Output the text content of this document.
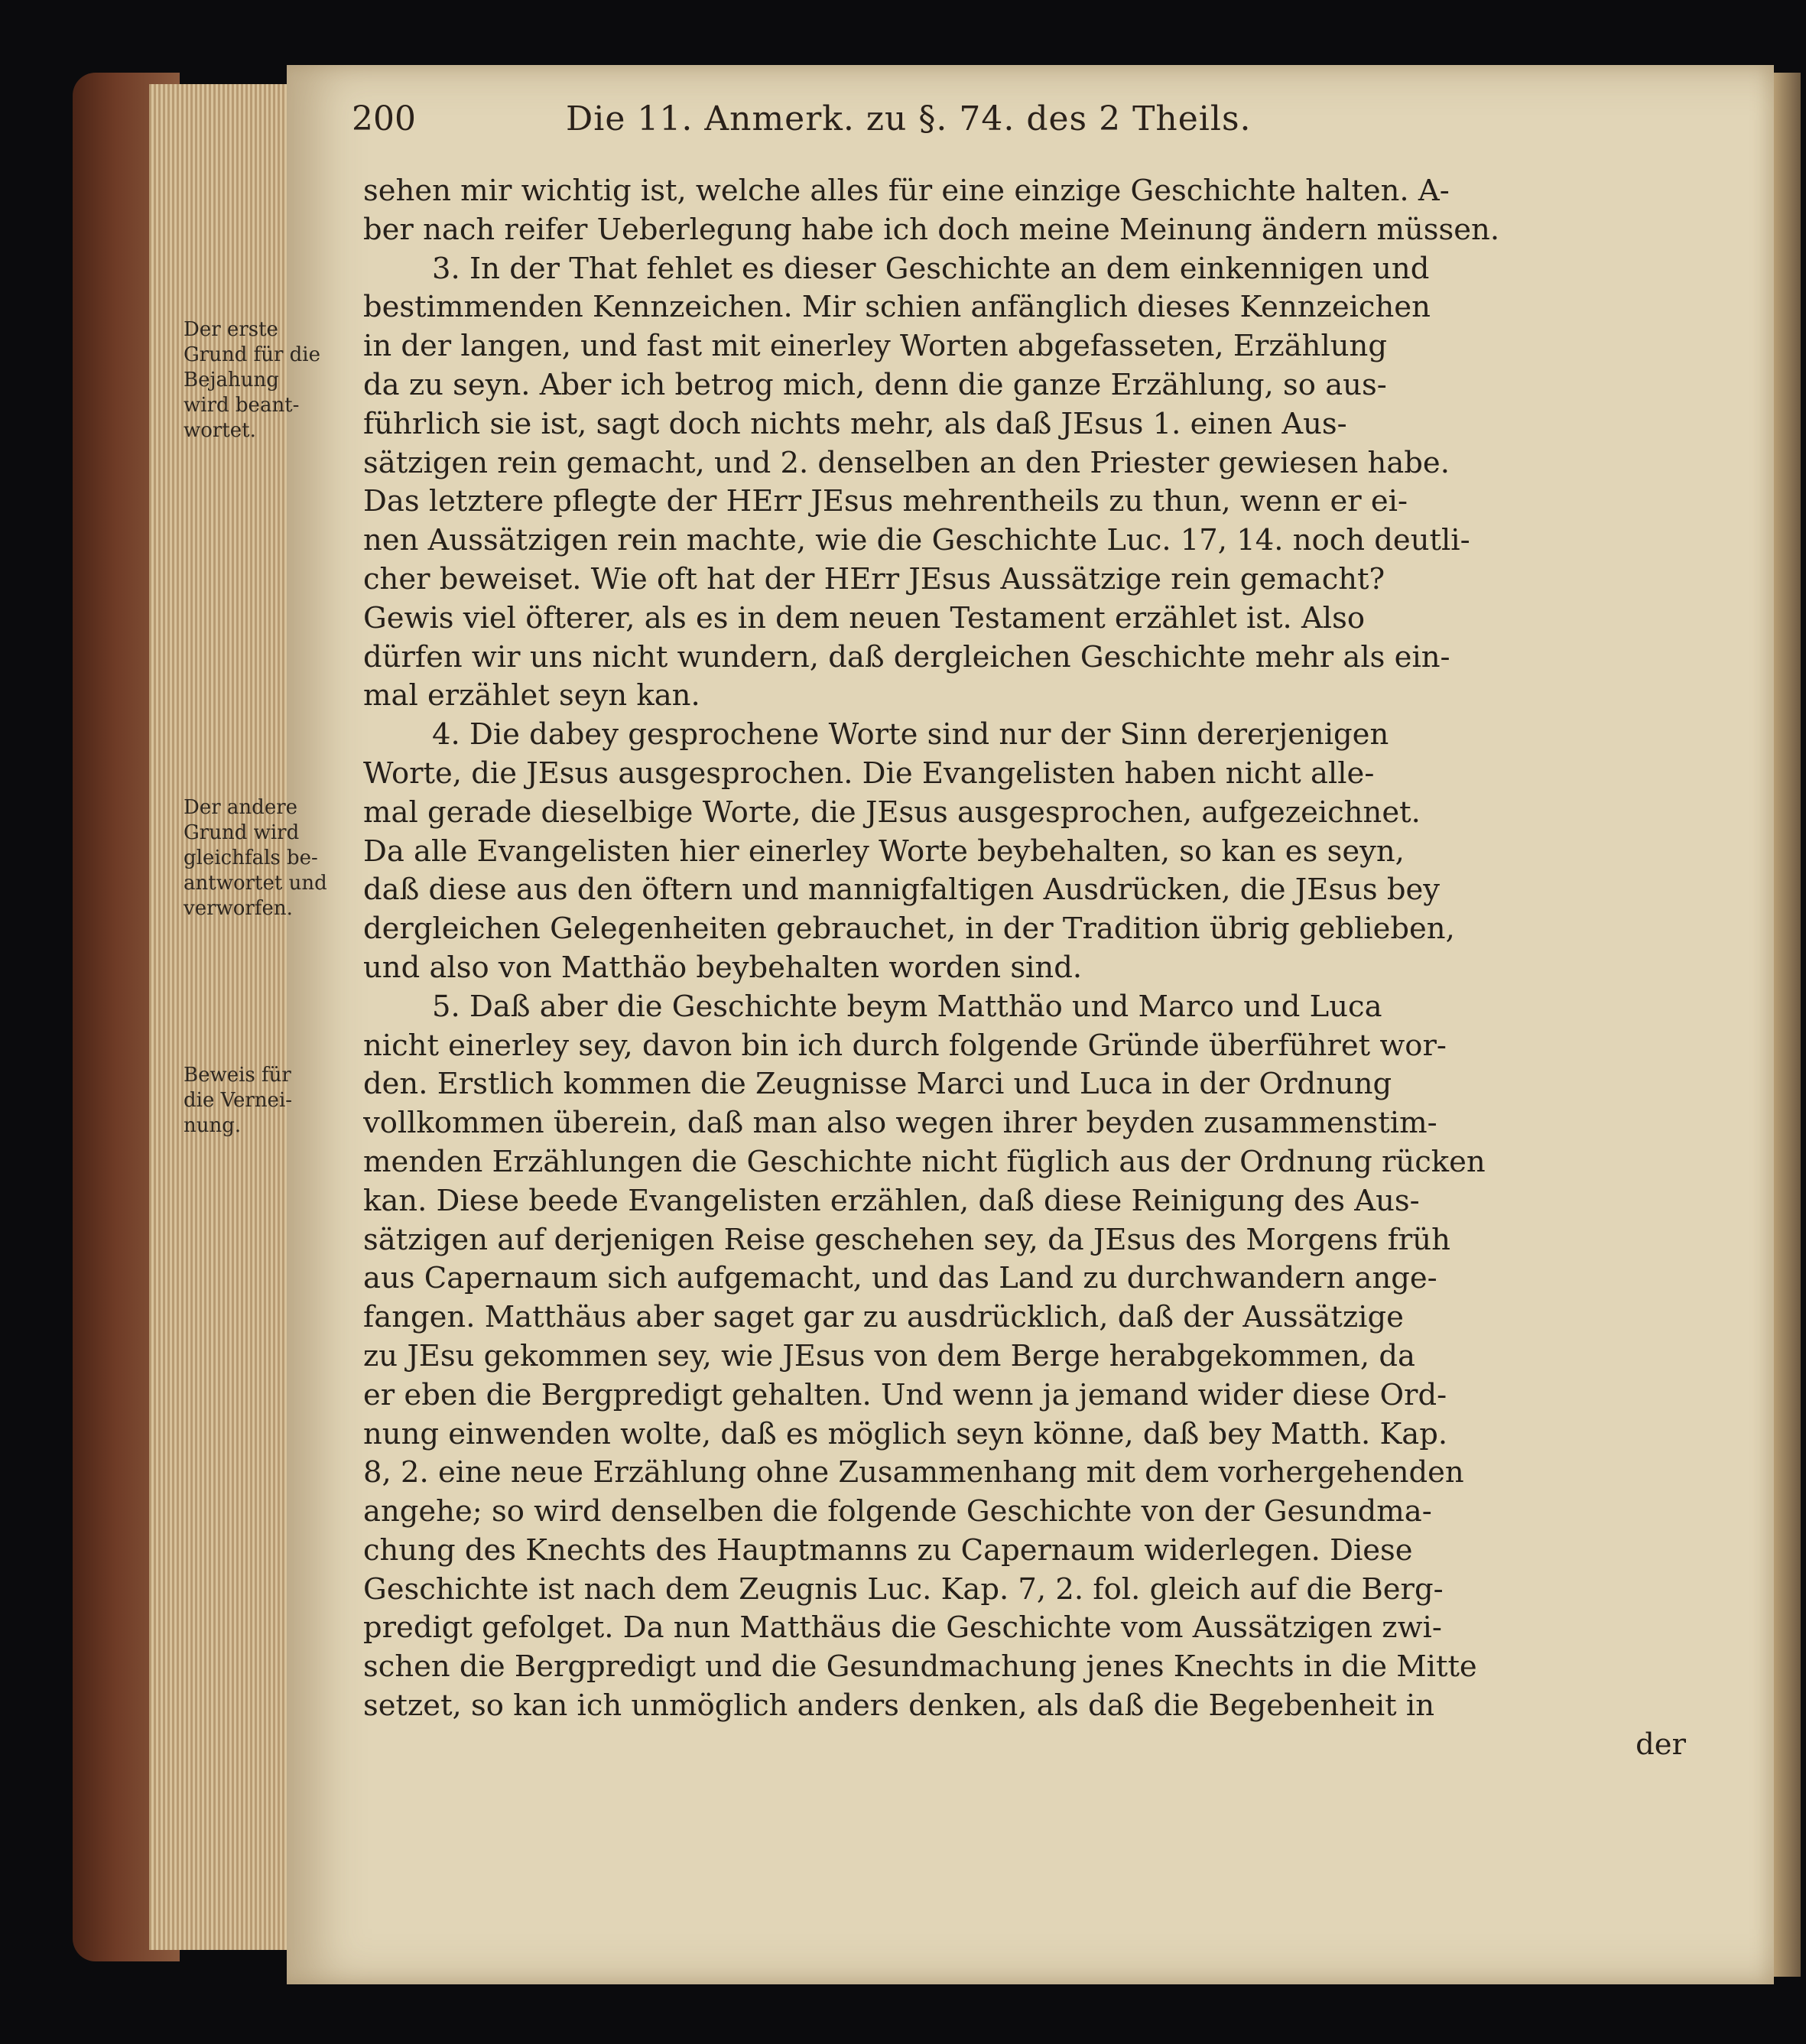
200	Die 11. Anmerk. zu §. 74. des 2 Theils.
Der erste
Grund für die
Bejahung
wird beant-
wortet.
Der andere
Grund wird
gleichfals be-
antwortet und
verworfen.
Beweis für
die Vernei-
nung.
sehen mir wichtig ist, welche alles für eine einzige Geschichte halten. A-
ber nach reifer Ueberlegung habe ich doch meine Meinung ändern müssen.
3. In der That fehlet es dieser Geschichte an dem einkennigen und
bestimmenden Kennzeichen. Mir schien anfänglich dieses Kennzeichen
in der langen, und fast mit einerley Worten abgefasseten, Erzählung
da zu seyn. Aber ich betrog mich, denn die ganze Erzählung, so aus-
führlich sie ist, sagt doch nichts mehr, als daß JEsus 1. einen Aus-
sätzigen rein gemacht, und 2. denselben an den Priester gewiesen habe.
Das letztere pflegte der HErr JEsus mehrentheils zu thun, wenn er ei-
nen Aussätzigen rein machte, wie die Geschichte Luc. 17, 14. noch deutli-
cher beweiset. Wie oft hat der HErr JEsus Aussätzige rein gemacht?
Gewis viel öfterer, als es in dem neuen Testament erzählet ist. Also
dürfen wir uns nicht wundern, daß dergleichen Geschichte mehr als ein-
mal erzählet seyn kan.
4. Die dabey gesprochene Worte sind nur der Sinn dererjenigen
Worte, die JEsus ausgesprochen. Die Evangelisten haben nicht alle-
mal gerade dieselbige Worte, die JEsus ausgesprochen, aufgezeichnet.
Da alle Evangelisten hier einerley Worte beybehalten, so kan es seyn,
daß diese aus den öftern und mannigfaltigen Ausdrücken, die JEsus bey
dergleichen Gelegenheiten gebrauchet, in der Tradition übrig geblieben,
und also von Matthäo beybehalten worden sind.
5. Daß aber die Geschichte beym Matthäo und Marco und Luca
nicht einerley sey, davon bin ich durch folgende Gründe überführet wor-
den. Erstlich kommen die Zeugnisse Marci und Luca in der Ordnung
vollkommen überein, daß man also wegen ihrer beyden zusammenstim-
menden Erzählungen die Geschichte nicht füglich aus der Ordnung rücken
kan. Diese beede Evangelisten erzählen, daß diese Reinigung des Aus-
sätzigen auf derjenigen Reise geschehen sey, da JEsus des Morgens früh
aus Capernaum sich aufgemacht, und das Land zu durchwandern ange-
fangen. Matthäus aber saget gar zu ausdrücklich, daß der Aussätzige
zu JEsu gekommen sey, wie JEsus von dem Berge herabgekommen, da
er eben die Bergpredigt gehalten. Und wenn ja jemand wider diese Ord-
nung einwenden wolte, daß es möglich seyn könne, daß bey Matth. Kap.
8, 2. eine neue Erzählung ohne Zusammenhang mit dem vorhergehenden
angehe; so wird denselben die folgende Geschichte von der Gesundma-
chung des Knechts des Hauptmanns zu Capernaum widerlegen. Diese
Geschichte ist nach dem Zeugnis Luc. Kap. 7, 2. fol. gleich auf die Berg-
predigt gefolget. Da nun Matthäus die Geschichte vom Aussätzigen zwi-
schen die Bergpredigt und die Gesundmachung jenes Knechts in die Mitte
setzet, so kan ich unmöglich anders denken, als daß die Begebenheit in
der
